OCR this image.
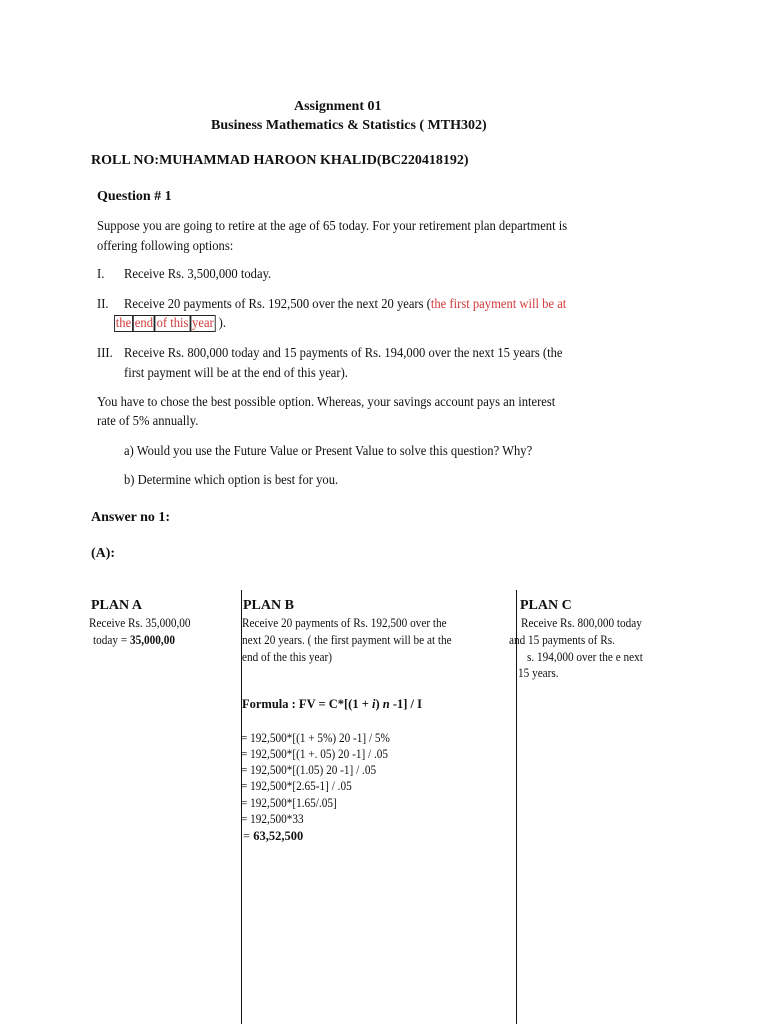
Assignment 01
Business Mathematics & Statistics ( MTH302)
ROLL NO:MUHAMMAD HAROON KHALID(BC220418192)
Question # 1
Suppose you are going to retire at the age of 65 today. For your retirement plan department is
offering following options:
I. Receive Rs. 3,500,000 today.
II. Receive 20 payments of Rs. 192,500 over the next 20 years (the first payment will be at
the end of this year ).
III. Receive Rs. 800,000 today and 15 payments of Rs. 194,000 over the next 15 years (the
first payment will be at the end of this year).
You have to chose the best possible option. Whereas, your savings account pays an interest
rate of 5% annually.
a) Would you use the Future Value or Present Value to solve this question? Why?
b) Determine which option is best for you.
Answer no 1:
(A):
PLAN A
Receive Rs. 35,000,00
today = 35,000,00
PLAN B
Receive 20 payments of Rs. 192,500 over the
next 20 years. ( the first payment will be at the
end of the this year)
Formula : FV = C*[(1 + i) n -1] / I
= 192,500*[(1 + 5%) 20 -1] / 5%
= 192,500*[(1 +. 05) 20 -1] / .05
= 192,500*[(1.05) 20 -1] / .05
= 192,500*[2.65-1] / .05
= 192,500*[1.65/.05]
= 192,500*33
= 63,52,500
PLAN C
Receive Rs. 800,000 today
and 15 payments of Rs.
s. 194,000 over the e next
15 years.
